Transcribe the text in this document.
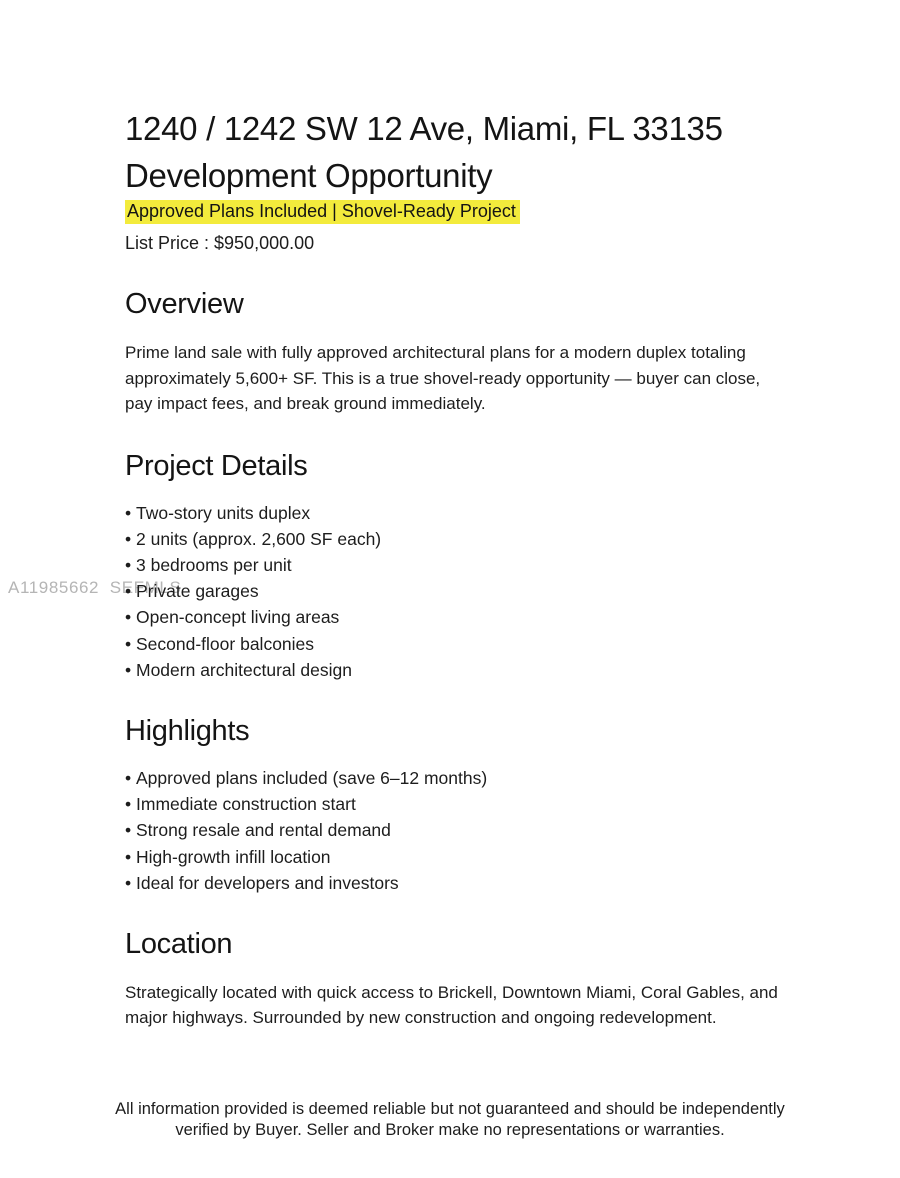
A11985662  SEFMLS
1240 / 1242 SW 12 Ave, Miami, FL 33135
Development Opportunity
Approved Plans Included | Shovel-Ready Project
List Price : $950,000.00
Overview
Prime land sale with fully approved architectural plans for a modern duplex totaling
approximately 5,600+ SF. This is a true shovel-ready opportunity — buyer can close,
pay impact fees, and break ground immediately.
Project Details
• Two-story units duplex
• 2 units (approx. 2,600 SF each)
• 3 bedrooms per unit
• Private garages
• Open-concept living areas
• Second-floor balconies
• Modern architectural design
Highlights
• Approved plans included (save 6–12 months)
• Immediate construction start
• Strong resale and rental demand
• High-growth infill location
• Ideal for developers and investors
Location
Strategically located with quick access to Brickell, Downtown Miami, Coral Gables, and
major highways. Surrounded by new construction and ongoing redevelopment.
All information provided is deemed reliable but not guaranteed and should be independently
verified by Buyer. Seller and Broker make no representations or warranties.
